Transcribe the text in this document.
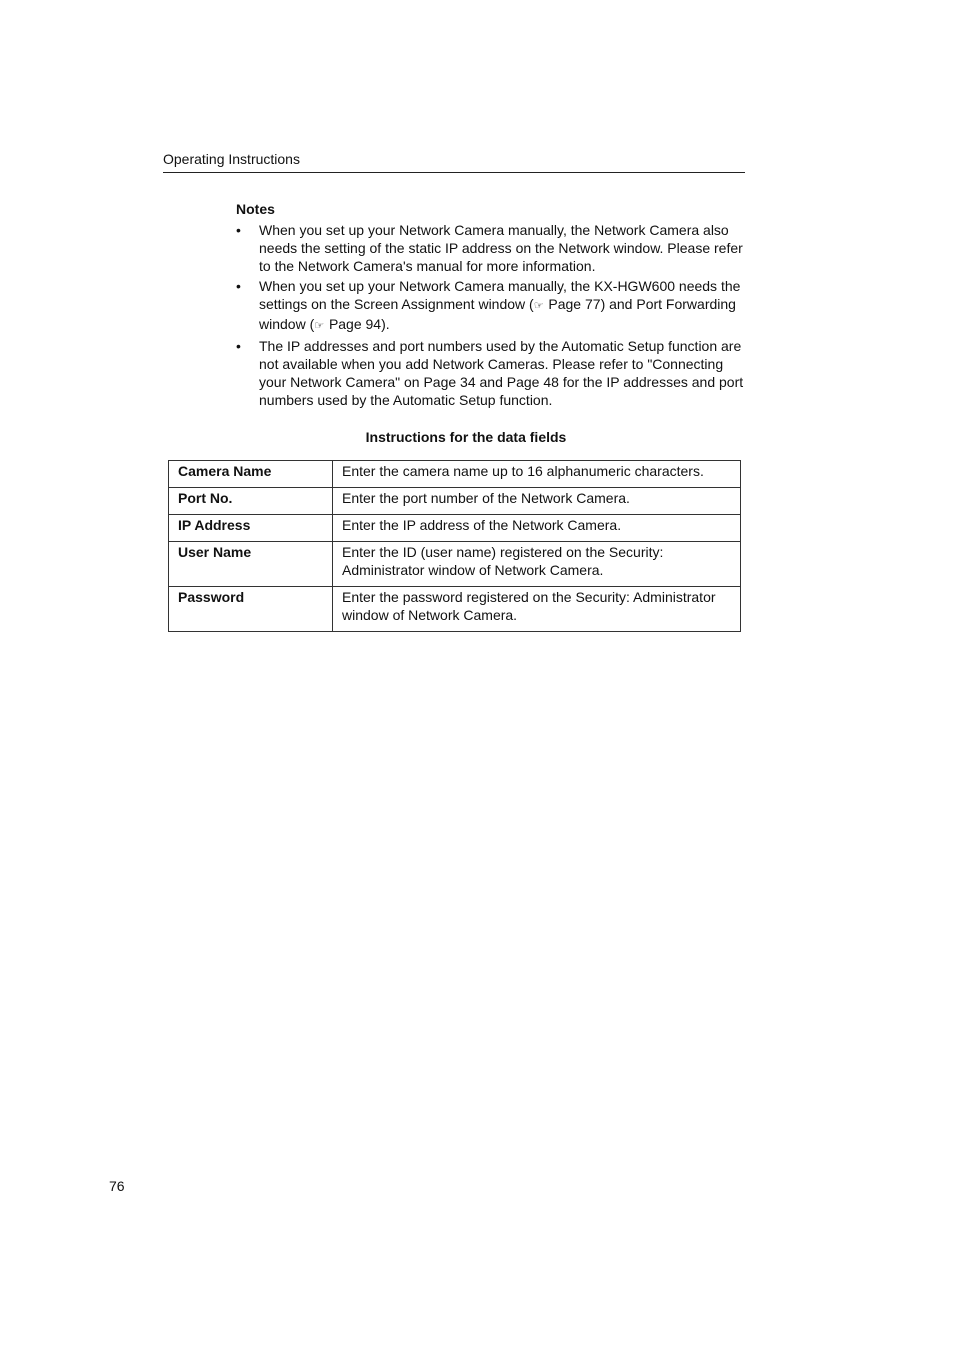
Operating Instructions
Notes
•	When you set up your Network Camera manually, the Network Camera also needs the setting of the static IP address on the Network window. Please refer to the Network Camera's manual for more information.
•	When you set up your Network Camera manually, the KX-HGW600 needs the settings on the Screen Assignment window (☞  Page 77) and Port Forwarding window (☞  Page 94).
•	The IP addresses and port numbers used by the Automatic Setup function are not available when you add Network Cameras. Please refer to "Connecting your Network Camera" on Page 34 and Page 48 for the IP addresses and port numbers used by the Automatic Setup function.
Instructions for the data fields
Camera Name	Enter the camera name up to 16 alphanumeric characters.
Port No.	Enter the port number of the Network Camera.
IP Address	Enter the IP address of the Network Camera.
User Name	Enter the ID (user name) registered on the Security: Administrator window of Network Camera.
Password	Enter the password registered on the Security: Administrator window of Network Camera.
76
